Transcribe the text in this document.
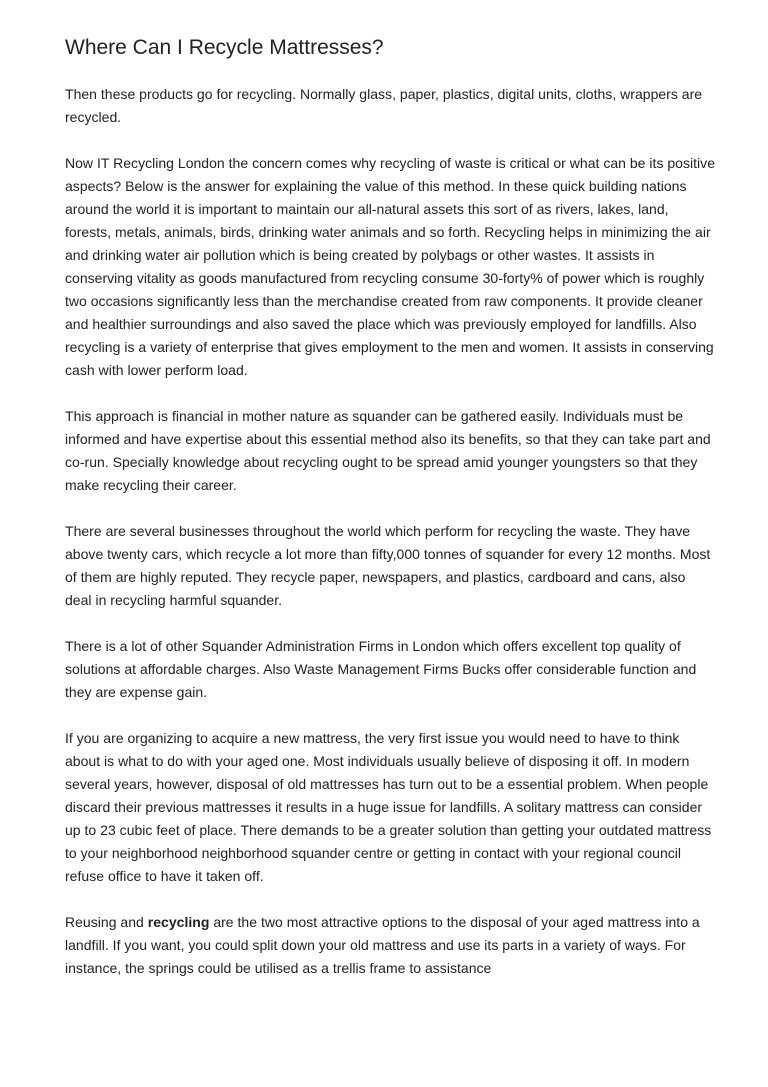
Where Can I Recycle Mattresses?

Then these products go for recycling. Normally glass, paper, plastics, digital units, cloths, wrappers are recycled.

Now IT Recycling London the concern comes why recycling of waste is critical or what can be its positive aspects? Below is the answer for explaining the value of this method. In these quick building nations around the world it is important to maintain our all-natural assets this sort of as rivers, lakes, land, forests, metals, animals, birds, drinking water animals and so forth. Recycling helps in minimizing the air and drinking water air pollution which is being created by polybags or other wastes. It assists in conserving vitality as goods manufactured from recycling consume 30-forty% of power which is roughly two occasions significantly less than the merchandise created from raw components. It provide cleaner and healthier surroundings and also saved the place which was previously employed for landfills. Also recycling is a variety of enterprise that gives employment to the men and women. It assists in conserving cash with lower perform load.

This approach is financial in mother nature as squander can be gathered easily. Individuals must be informed and have expertise about this essential method also its benefits, so that they can take part and co-run. Specially knowledge about recycling ought to be spread amid younger youngsters so that they make recycling their career.

There are several businesses throughout the world which perform for recycling the waste. They have above twenty cars, which recycle a lot more than fifty,000 tonnes of squander for every 12 months. Most of them are highly reputed. They recycle paper, newspapers, and plastics, cardboard and cans, also deal in recycling harmful squander.

There is a lot of other Squander Administration Firms in London which offers excellent top quality of solutions at affordable charges. Also Waste Management Firms Bucks offer considerable function and they are expense gain.

If you are organizing to acquire a new mattress, the very first issue you would need to have to think about is what to do with your aged one. Most individuals usually believe of disposing it off. In modern several years, however, disposal of old mattresses has turn out to be a essential problem. When people discard their previous mattresses it results in a huge issue for landfills. A solitary mattress can consider up to 23 cubic feet of place. There demands to be a greater solution than getting your outdated mattress to your neighborhood neighborhood squander centre or getting in contact with your regional council refuse office to have it taken off.

Reusing and recycling are the two most attractive options to the disposal of your aged mattress into a landfill. If you want, you could split down your old mattress and use its parts in a variety of ways. For instance, the springs could be utilised as a trellis frame to assistance
